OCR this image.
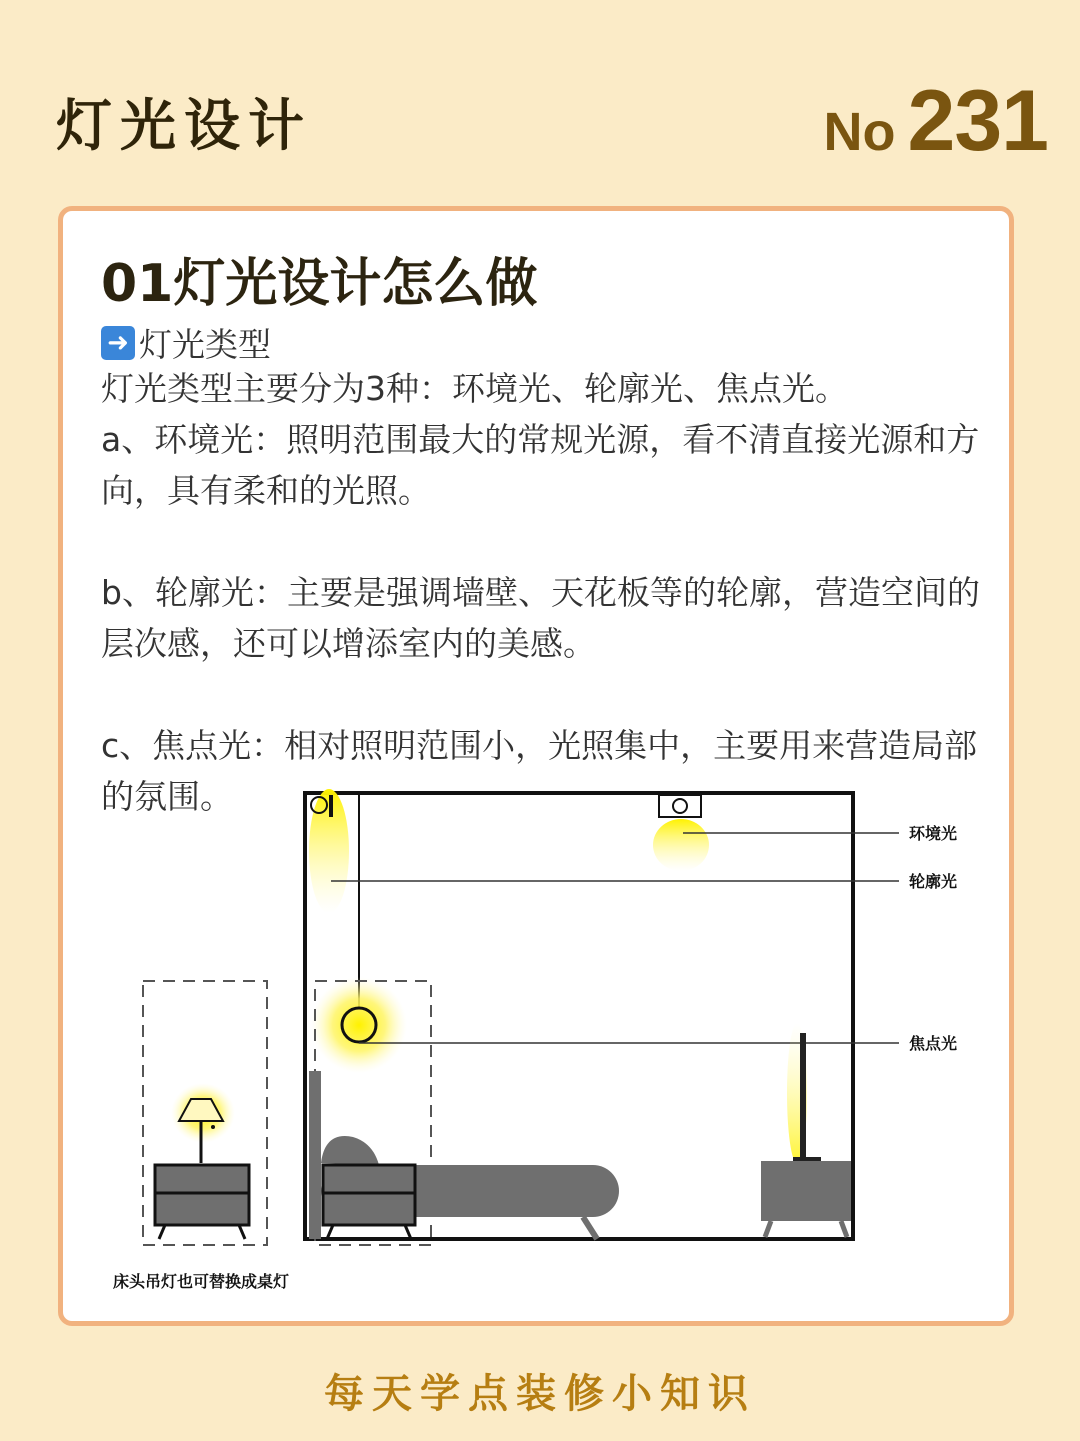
灯光设计	No 231
01灯光设计怎么做
➜ 灯光类型

灯光类型主要分为3种：环境光、轮廓光、焦点光。

a、环境光：照明范围最大的常规光源，看不清直接光源和方向，具有柔和的光照。

b、轮廓光：主要是强调墙壁、天花板等的轮廓，营造空间的层次感，还可以增添室内的美感。

c、焦点光：相对照明范围小，光照集中，主要用来营造局部的氛围。

环境光
轮廓光
焦点光
床头吊灯也可替换成桌灯
每天学点装修小知识
